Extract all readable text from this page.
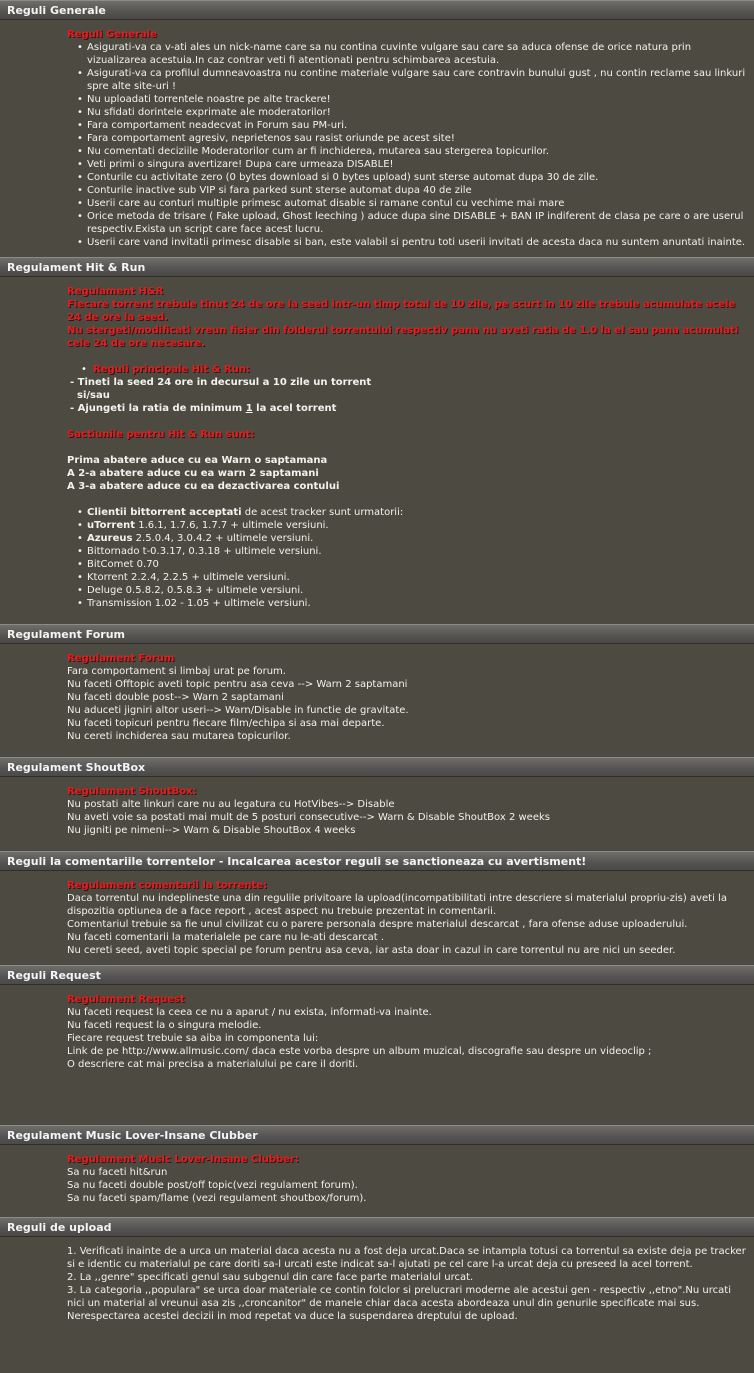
Reguli Generale
Reguli Generale
• Asigurati-va ca v-ati ales un nick-name care sa nu contina cuvinte vulgare sau care sa aduca ofense de orice natura prin vizualizarea acestuia.In caz contrar veti fi atentionati pentru schimbarea acestuia.
• Asigurati-va ca profilul dumneavoastra nu contine materiale vulgare sau care contravin bunului gust , nu contin reclame sau linkuri spre alte site-uri !
• Nu uploadati torrentele noastre pe alte trackere!
• Nu sfidati dorintele exprimate ale moderatorilor!
• Fara comportament neadecvat in Forum sau PM-uri.
• Fara comportament agresiv, neprietenos sau rasist oriunde pe acest site!
• Nu comentati deciziile Moderatorilor cum ar fi inchiderea, mutarea sau stergerea topicurilor.
• Veti primi o singura avertizare! Dupa care urmeaza DISABLE!
• Conturile cu activitate zero (0 bytes download si 0 bytes upload) sunt sterse automat dupa 30 de zile.
• Conturile inactive sub VIP si fara parked sunt sterse automat dupa 40 de zile
• Userii care au conturi multiple primesc automat disable si ramane contul cu vechime mai mare
• Orice metoda de trisare ( Fake upload, Ghost leeching ) aduce dupa sine DISABLE + BAN IP indiferent de clasa pe care o are userul respectiv.Exista un script care face acest lucru.
• Userii care vand invitatii primesc disable si ban, este valabil si pentru toti userii invitati de acesta daca nu suntem anuntati inainte.
Regulament Hit & Run
Regulament H&R
Fiecare torrent trebuie tinut 24 de ore la seed intr-un timp total de 10 zile, pe scurt in 10 zile trebuie acumulate acele 24 de ore la seed.
Nu stergeti/modificati vreun fisier din folderul torrentului respectiv pana nu aveti ratia de 1.0 la el sau pana acumulati cele 24 de ore necesare.
• Reguli principale Hit & Run:
- Tineti la seed 24 ore in decursul a 10 zile un torrent
si/sau
- Ajungeti la ratia de minimum 1 la acel torrent
Sactiunile pentru Hit & Run sunt:
Prima abatere aduce cu ea Warn o saptamana
A 2-a abatere aduce cu ea warn 2 saptamani
A 3-a abatere aduce cu ea dezactivarea contului
• Clientii bittorrent acceptati de acest tracker sunt urmatorii:
• uTorrent 1.6.1, 1.7.6, 1.7.7 + ultimele versiuni.
• Azureus 2.5.0.4, 3.0.4.2 + ultimele versiuni.
• Bittornado t-0.3.17, 0.3.18 + ultimele versiuni.
• BitComet 0.70
• Ktorrent 2.2.4, 2.2.5 + ultimele versiuni.
• Deluge 0.5.8.2, 0.5.8.3 + ultimele versiuni.
• Transmission 1.02 - 1.05 + ultimele versiuni.
Regulament Forum
Regulament Forum
Fara comportament si limbaj urat pe forum.
Nu faceti Offtopic aveti topic pentru asa ceva --> Warn 2 saptamani
Nu faceti double post--> Warn 2 saptamani
Nu aduceti jigniri altor useri--> Warn/Disable in functie de gravitate.
Nu faceti topicuri pentru fiecare film/echipa si asa mai departe.
Nu cereti inchiderea sau mutarea topicurilor.
Regulament ShoutBox
Regulament ShoutBox:
Nu postati alte linkuri care nu au legatura cu HotVibes--> Disable
Nu aveti voie sa postati mai mult de 5 posturi consecutive--> Warn & Disable ShoutBox 2 weeks
Nu jigniti pe nimeni--> Warn & Disable ShoutBox 4 weeks
Reguli la comentariile torrentelor - Incalcarea acestor reguli se sanctioneaza cu avertisment!
Regulament comentarii la torrente:
Daca torrentul nu indeplineste una din regulile privitoare la upload(incompatibilitati intre descriere si materialul propriu-zis) aveti la dispozitia optiunea de a face report , acest aspect nu trebuie prezentat in comentarii.
Comentariul trebuie sa fie unul civilizat cu o parere personala despre materialul descarcat , fara ofense aduse uploaderului.
Nu faceti comentarii la materialele pe care nu le-ati descarcat .
Nu cereti seed, aveti topic special pe forum pentru asa ceva, iar asta doar in cazul in care torrentul nu are nici un seeder.
Reguli Request
Regulament Request
Nu faceti request la ceea ce nu a aparut / nu exista, informati-va inainte.
Nu faceti request la o singura melodie.
Fiecare request trebuie sa aiba in componenta lui:
Link de pe http://www.allmusic.com/ daca este vorba despre un album muzical, discografie sau despre un videoclip ;
O descriere cat mai precisa a materialului pe care il doriti.
Regulament Music Lover-Insane Clubber
Regulament Music Lover-Insane Clubber:
Sa nu faceti hit&run
Sa nu faceti double post/off topic(vezi regulament forum).
Sa nu faceti spam/flame (vezi regulament shoutbox/forum).
Reguli de upload
1. Verificati inainte de a urca un material daca acesta nu a fost deja urcat.Daca se intampla totusi ca torrentul sa existe deja pe tracker si e identic cu materialul pe care doriti sa-l urcati este indicat sa-l ajutati pe cel care l-a urcat deja cu preseed la acel torrent.
2. La ,,genre" specificati genul sau subgenul din care face parte materialul urcat.
3. La categoria ,,populara" se urca doar materiale ce contin folclor si prelucrari moderne ale acestui gen - respectiv ,,etno".Nu urcati nici un material al vreunui asa zis ,,croncanitor" de manele chiar daca acesta abordeaza unul din genurile specificate mai sus.
Nerespectarea acestei decizii in mod repetat va duce la suspendarea dreptului de upload.
